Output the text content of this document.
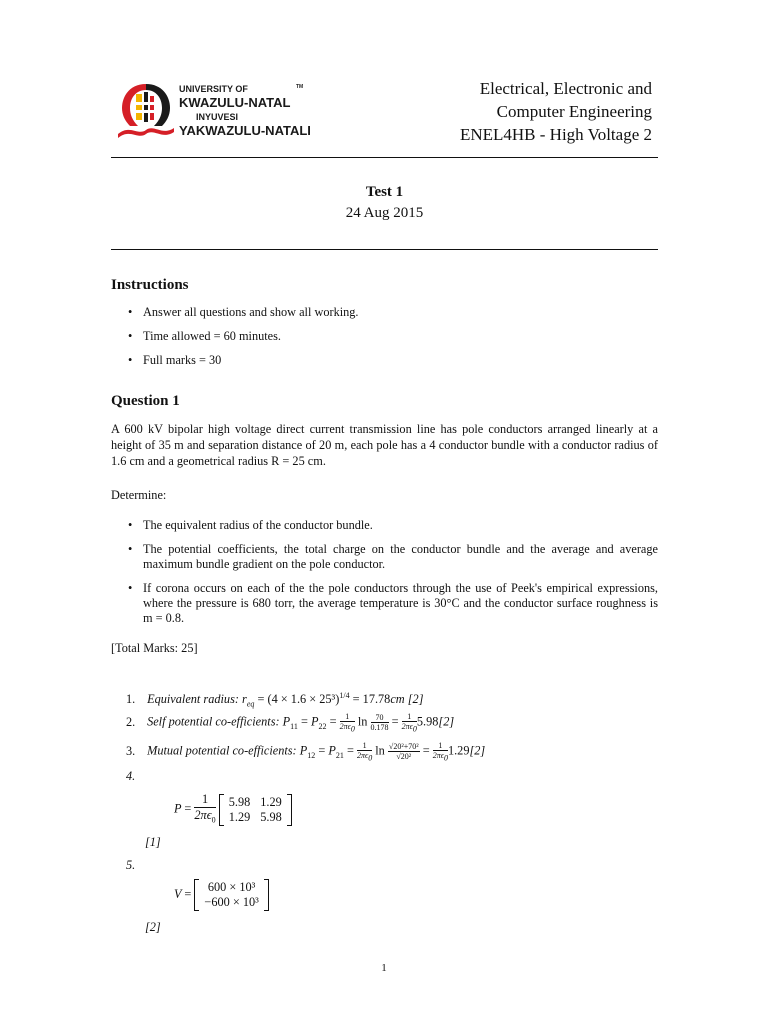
UNIVERSITY OF
KWAZULU-NATAL
TM
INYUVESI
YAKWAZULU-NATALI
Electrical, Electronic and
Computer Engineering
ENEL4HB - High Voltage 2
Test 1
24 Aug 2015
Instructions
• Answer all questions and show all working.
• Time allowed = 60 minutes.
• Full marks = 30
Question 1
A 600 kV bipolar high voltage direct current transmission line has pole conductors arranged linearly at a height of 35 m and separation distance of 20 m, each pole has a 4 conductor bundle with a conductor radius of 1.6 cm and a geometrical radius R = 25 cm.
Determine:
• The equivalent radius of the conductor bundle.
• The potential coefficients, the total charge on the conductor bundle and the average and average maximum bundle gradient on the pole conductor.
• If corona occurs on each of the the pole conductors through the use of Peek's empirical expressions, where the pressure is 680 torr, the average temperature is 30°C and the conductor surface roughness is m = 0.8.
[Total Marks: 25]
1. Equivalent radius: $r_{eq} = (4 \times 1.6 \times 25^3)^{1/4} = 17.78cm$ [2]
2. Self potential co-efficients: $P_{11} = P_{22} = \frac{1}{2\pi\epsilon_0}$ $\ln \frac{70}{0.178} = \frac{1}{2\pi\epsilon_0} 5.98[2]$
3. Mutual potential co-efficients: $P_{12} = P_{21} = \frac{1}{2\pi\epsilon_0}$ $\ln \frac{\text{√20²+70²}}{\text{√20²}} = \frac{1}{2\pi\epsilon_0} 1.29[2]$
4.
$P = \frac{1}{2\pi\epsilon_0}$
5.98	1.29
1.29	5.98
[1]
5.
V = 600 × 10³
−600 × 10³
[2]
1
